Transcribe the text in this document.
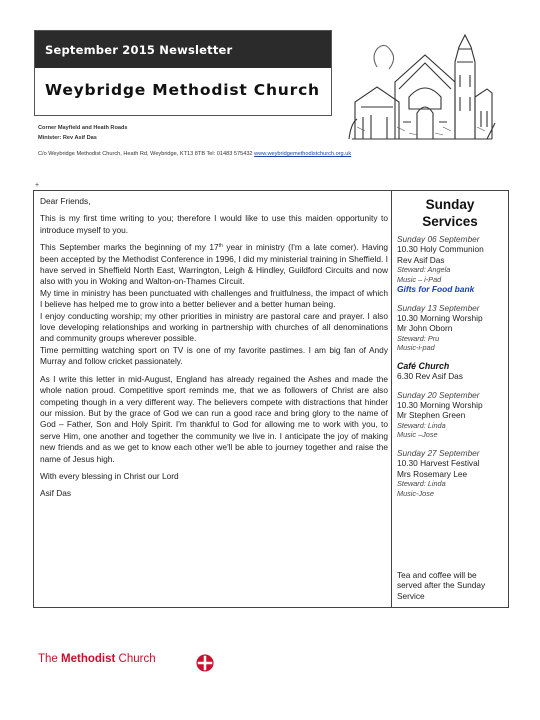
September 2015 Newsletter
Weybridge Methodist Church
Corner Mayfield and Heath Roads
Minister: Rev Asif Das
C/o Weybridge Methodist Church, Heath Rd, Weybridge, KT13 8TB Tel: 01483 575432 www.weybridgemethodistchurch.org.uk
+

Dear Friends,

This is my first time writing to you; therefore I would like to use this maiden opportunity to introduce myself to you.

This September marks the beginning of my 17th year in ministry (I'm a late comer). Having been accepted by the Methodist Conference in 1996, I did my ministerial training in Sheffield. I have served in Sheffield North East, Warrington, Leigh & Hindley, Guildford Circuits and now also with you in Woking and Walton-on-Thames Circuit.

My time in ministry has been punctuated with challenges and fruitfulness, the impact of which I believe has helped me to grow into a better believer and a better human being.

I enjoy conducting worship; my other priorities in ministry are pastoral care and prayer. I also love developing relationships and working in partnership with churches of all denominations and community groups wherever possible.

Time permitting watching sport on TV is one of my favorite pastimes. I am big fan of Andy Murray and follow cricket passionately.

As I write this letter in mid-August, England has already regained the Ashes and made the whole nation proud. Competitive sport reminds me, that we as followers of Christ are also competing though in a very different way. The believers compete with distractions that hinder our mission. But by the grace of God we can run a good race and bring glory to the name of God – Father, Son and Holy Spirit. I'm thankful to God for allowing me to work with you, to serve Him, one another and together the community we live in. I anticipate the joy of making new friends and as we get to know each other we'll be able to journey together and raise the name of Jesus high.

With every blessing in Christ our Lord

Asif Das

Sunday Services
Sunday 06 September
10.30 Holy Communion
Rev Asif Das
Steward: Angela
Music – i-Pad
Gifts for Food bank
Sunday 13 September
10.30 Morning Worship
Mr John Oborn
Steward: Pru
Music-i-pad
Café Church
6.30 Rev Asif Das
Sunday 20 September
10.30 Morning Worship
Mr Stephen Green
Steward: Linda
Music –Jose
Sunday 27 September
10.30 Harvest Festival
Mrs Rosemary Lee
Steward: Linda
Music-Jose
Tea and coffee will be served after the Sunday Service
The Methodist Church
